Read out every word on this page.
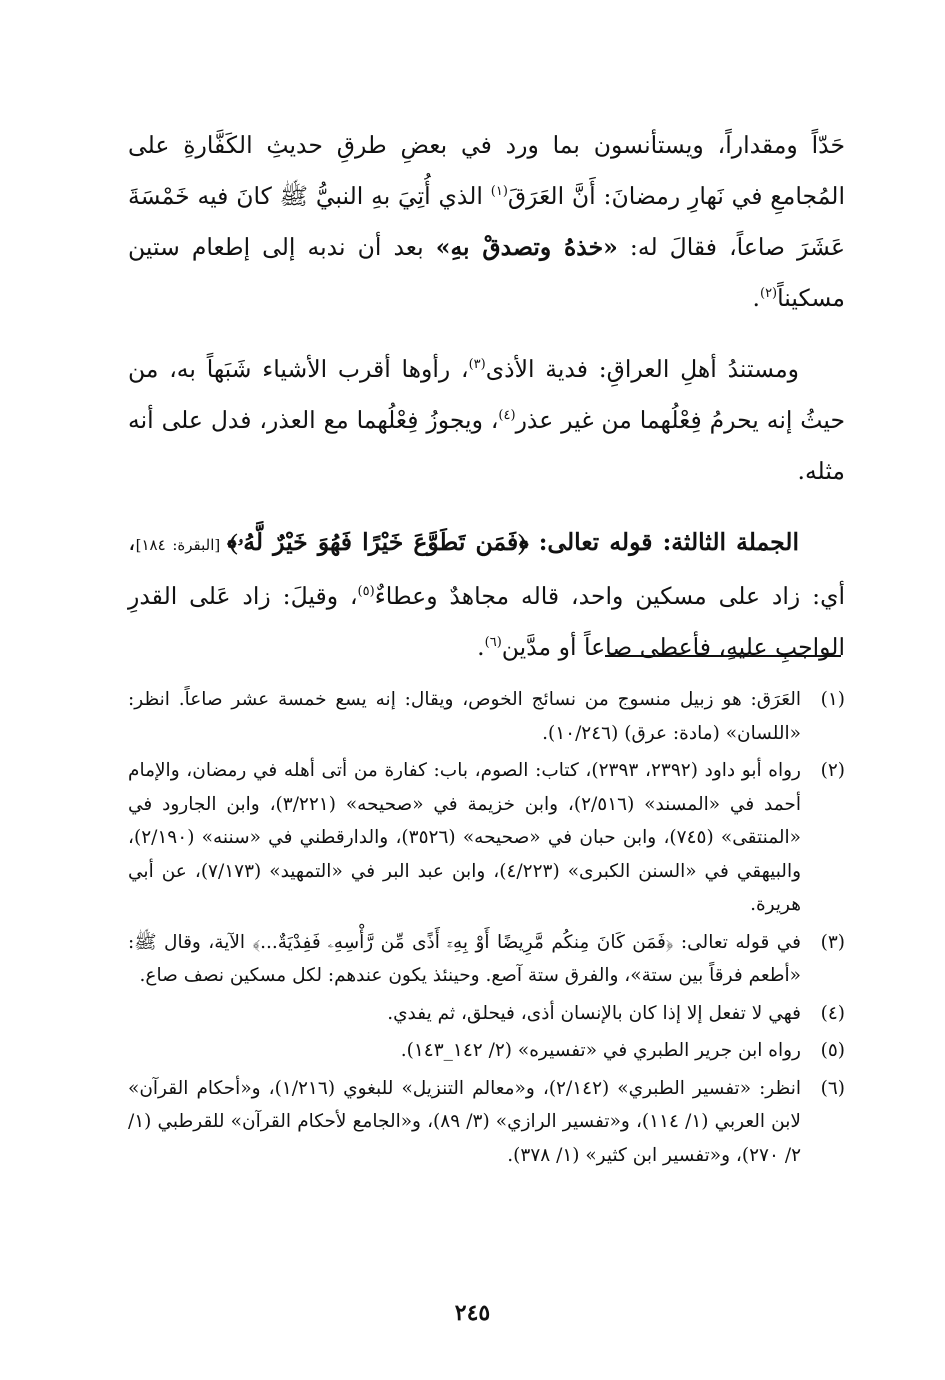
حَدّاً ومقداراً، ويستأنسون بما ورد في بعضِ طرقِ حديثِ الكَفَّارةِ على المُجامعِ في نَهارِ رمضانَ: أَنَّ العَرَقَ$^{(١)}$ الذي أُتِيَ بهِ النبيُّ ﷺ كانَ فيه خَمْسَةَ عَشَرَ صاعاً، فقالَ له: «خذهُ وتصدقْ بهِ» بعد أن ندبه إلى إطعام ستين مسكيناً$^{(٢)}$.

ومستندُ أهلِ العراقِ: فدية الأذى$^{(٣)}$، رأوها أقرب الأشياء شَبَهاً به، من حيثُ إنه يحرمُ فِعْلُهما من غير عذر$^{(٤)}$، ويجوزُ فِعْلُهما مع العذر، فدل على أنه مثله.

الجملة الثالثة: قوله تعالى: ﴿فَمَن تَطَوَّعَ خَيْرًا فَهُوَ خَيْرٌ لَّهُۥ﴾ [البقرة: ١٨٤]، أي: زاد على مسكين واحد، قاله مجاهدٌ وعطاءٌ$^{(٥)}$، وقيلَ: زاد عَلى القدرِ الواجبِ عليهِ، فأعطى صاعاً أو مدَّين$^{(٦)}$.

(١)
العَرَق: هو زبيل منسوج من نسائج الخوص، ويقال: إنه يسع خمسة عشر صاعاً. انظر: «اللسان» (مادة: عرق) (١٠/٢٤٦).
(٢)
رواه أبو داود (٢٣٩٢، ٢٣٩٣)، كتاب: الصوم، باب: كفارة من أتى أهله في رمضان، والإمام أحمد في «المسند» (٢/٥١٦)، وابن خزيمة في «صحيحه» (٣/٢٢١)، وابن الجارود في «المنتقى» (٧٤٥)، وابن حبان في «صحيحه» (٣٥٢٦)، والدارقطني في «سننه» (٢/١٩٠)، والبيهقي في «السنن الكبرى» (٤/٢٢٣)، وابن عبد البر في «التمهيد» (٧/١٧٣)، عن أبي هريرة.
(٣)
في قوله تعالى: ﴿فَمَن كَانَ مِنكُم مَّرِيضًا أَوْ بِهِۦٓ أَذًى مِّن رَّأْسِهِۦ فَفِدْيَةٌ...﴾ الآية، وقال ﷺ: «أطعم فرقاً بين ستة»، والفرق ستة آصع. وحينئذ يكون عندهم: لكل مسكين نصف صاع.
(٤)
فهي لا تفعل إلا إذا كان بالإنسان أذى، فيحلق، ثم يفدي.
(٥)
رواه ابن جرير الطبري في «تفسيره» (٢/ ١٤٢_١٤٣).
(٦)
انظر: «تفسير الطبري» (٢/١٤٢)، و«معالم التنزيل» للبغوي (١/٢١٦)، و«أحكام القرآن» لابن العربي (١/ ١١٤)، و«تفسير الرازي» (٣/ ٨٩)، و«الجامع لأحكام القرآن» للقرطبي (١/ ٢/ ٢٧٠)، و«تفسير ابن كثير» (١/ ٣٧٨).
٢٤٥
